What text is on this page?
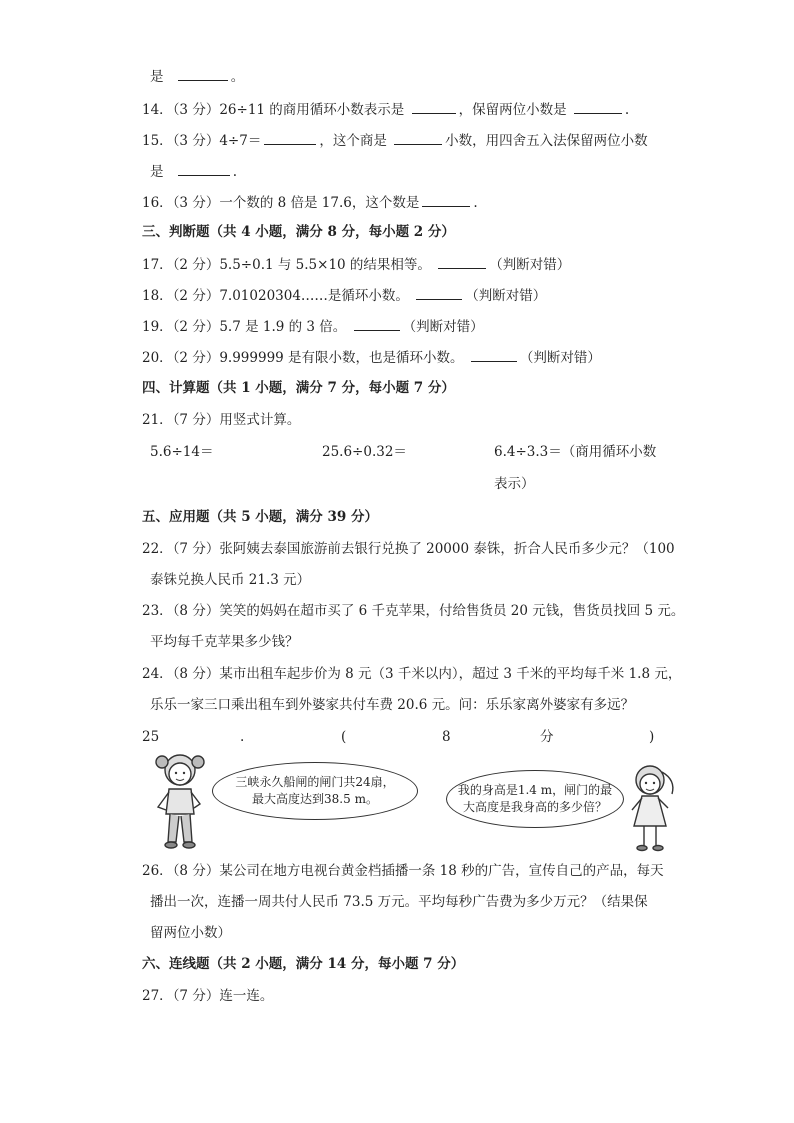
是	。
14．（3 分）26÷11 的商用循环小数表示是	，保留两位小数是	.
15．（3 分）4÷7＝	，这个商是	小数，用四舍五入法保留两位小数
是	.
16．（3 分）一个数的 8 倍是 17.6，这个数是	.
三、判断题（共 4 小题，满分 8 分，每小题 2 分）
17．（2 分）5.5÷0.1 与 5.5×10 的结果相等。	（判断对错）
18．（2 分）7.01020304……是循环小数。	（判断对错）
19．（2 分）5.7 是 1.9 的 3 倍。	（判断对错）
20．（2 分）9.999999 是有限小数，也是循环小数。	（判断对错）
四、计算题（共 1 小题，满分 7 分，每小题 7 分）
21．（7 分）用竖式计算。
5.6÷14＝	25.6÷0.32＝	6.4÷3.3＝（商用循环小数
表示）
五、应用题（共 5 小题，满分 39 分）
22．（7 分）张阿姨去泰国旅游前去银行兑换了 20000 泰铢，折合人民币多少元？（100
泰铢兑换人民币 21.3 元）
23．（8 分）笑笑的妈妈在超市买了 6 千克苹果，付给售货员 20 元钱，售货员找回 5 元。
平均每千克苹果多少钱？
24．（8 分）某市出租车起步价为 8 元（3 千米以内），超过 3 千米的平均每千米 1.8 元，
乐乐一家三口乘出租车到外婆家共付车费 20.6 元。问：乐乐家离外婆家有多远？
25	.	(	8	分	)
三峡永久船闸的闸门共24扇，
最大高度达到38.5 m。
我的身高是1.4 m，闸门的最
大高度是我身高的多少倍？
26．（8 分）某公司在地方电视台黄金档插播一条 18 秒的广告，宣传自己的产品，每天
播出一次，连播一周共付人民币 73.5 万元。平均每秒广告费为多少万元？（结果保
留两位小数）
六、连线题（共 2 小题，满分 14 分，每小题 7 分）
27．（7 分）连一连。
